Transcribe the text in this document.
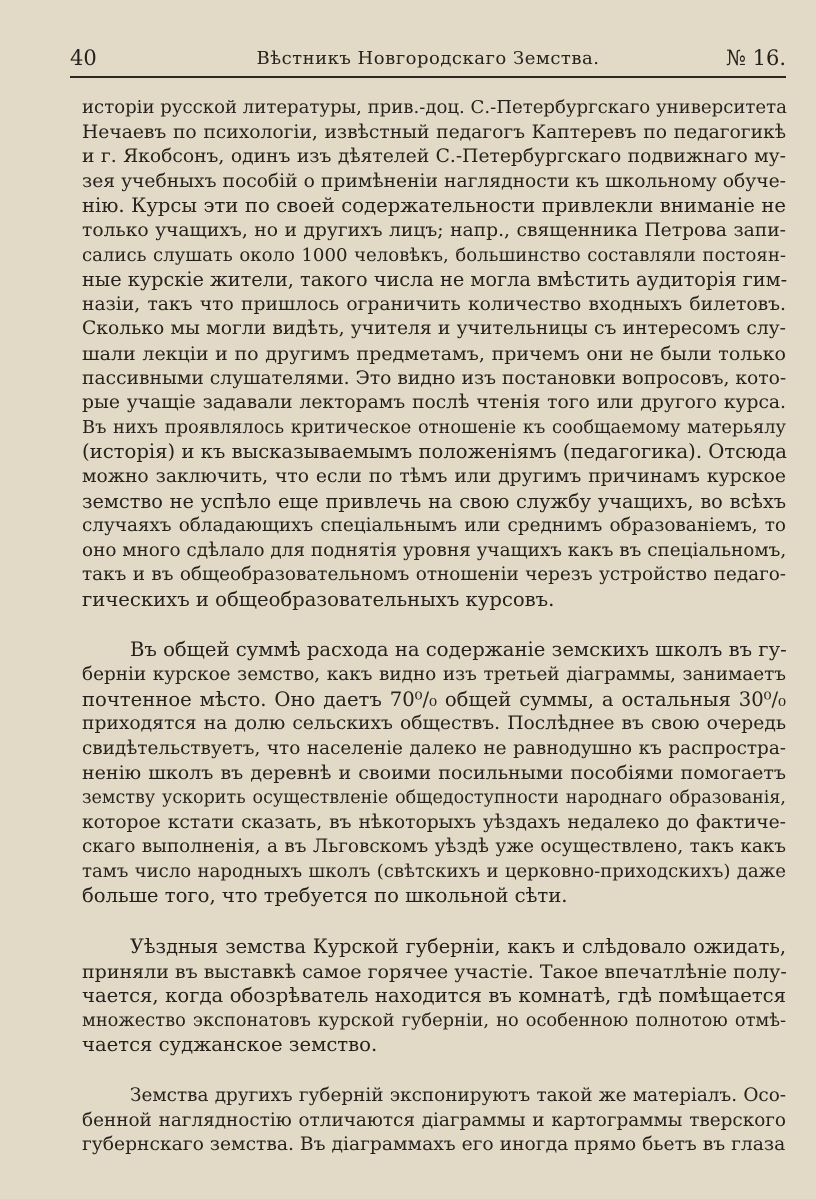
40	Вѣстникъ Новгородскаго Земства.	№ 16.

исторіи русской литературы, прив.-доц. С.-Петербургскаго университета
Нечаевъ по психологіи, извѣстный педагогъ Каптеревъ по педагогикѣ
и г. Якобсонъ, одинъ изъ дѣятелей С.-Петербургскаго подвижнаго му-
зея учебныхъ пособій о примѣненіи наглядности къ школьному обуче-
нію. Курсы эти по своей содержательности привлекли вниманіе не
только учащихъ, но и другихъ лицъ; напр., священника Петрова запи-
сались слушать около 1000 человѣкъ, большинство составляли постоян-
ные курскіе жители, такого числа не могла вмѣстить аудиторія гим-
назіи, такъ что пришлось ограничить количество входныхъ билетовъ.
Сколько мы могли видѣть, учителя и учительницы съ интересомъ слу-
шали лекціи и по другимъ предметамъ, причемъ они не были только
пассивными слушателями. Это видно изъ постановки вопросовъ, кото-
рые учащіе задавали лекторамъ послѣ чтенія того или другого курса.
Въ нихъ проявлялось критическое отношеніе къ сообщаемому матерьялу
(исторія) и къ высказываемымъ положеніямъ (педагогика). Отсюда
можно заключить, что если по тѣмъ или другимъ причинамъ курское
земство не успѣло еще привлечь на свою службу учащихъ, во всѣхъ
случаяхъ обладающихъ спеціальнымъ или среднимъ образованіемъ, то
оно много сдѣлало для поднятія уровня учащихъ какъ въ спеціальномъ,
такъ и въ общеобразовательномъ отношеніи черезъ устройство педаго-
гическихъ и общеобразовательныхъ курсовъ.

Въ общей суммѣ расхода на содержаніе земскихъ школъ въ гу-
берніи курское земство, какъ видно изъ третьей діаграммы, занимаетъ
почтенное мѣсто. Оно даетъ 70⁰/₀ общей суммы, а остальныя 30⁰/₀
приходятся на долю сельскихъ обществъ. Послѣднее въ свою очередь
свидѣтельствуетъ, что населеніе далеко не равнодушно къ распростра-
ненію школъ въ деревнѣ и своими посильными пособіями помогаетъ
земству ускорить осуществленіе общедоступности народнаго образованія,
которое кстати сказать, въ нѣкоторыхъ уѣздахъ недалеко до фактиче-
скаго выполненія, а въ Льговскомъ уѣздѣ уже осуществлено, такъ какъ
тамъ число народныхъ школъ (свѣтскихъ и церковно-приходскихъ) даже
больше того, что требуется по школьной сѣти.

Уѣздныя земства Курской губерніи, какъ и слѣдовало ожидать,
приняли въ выставкѣ самое горячее участіе. Такое впечатлѣніе полу-
чается, когда обозрѣватель находится въ комнатѣ, гдѣ помѣщается
множество экспонатовъ курской губерніи, но особенною полнотою отмѣ-
чается суджанское земство.

Земства другихъ губерній экспонируютъ такой же матеріалъ. Осо-
бенной наглядностію отличаются діаграммы и картограммы тверского
губернскаго земства. Въ діаграммахъ его иногда прямо бьетъ въ глаза
